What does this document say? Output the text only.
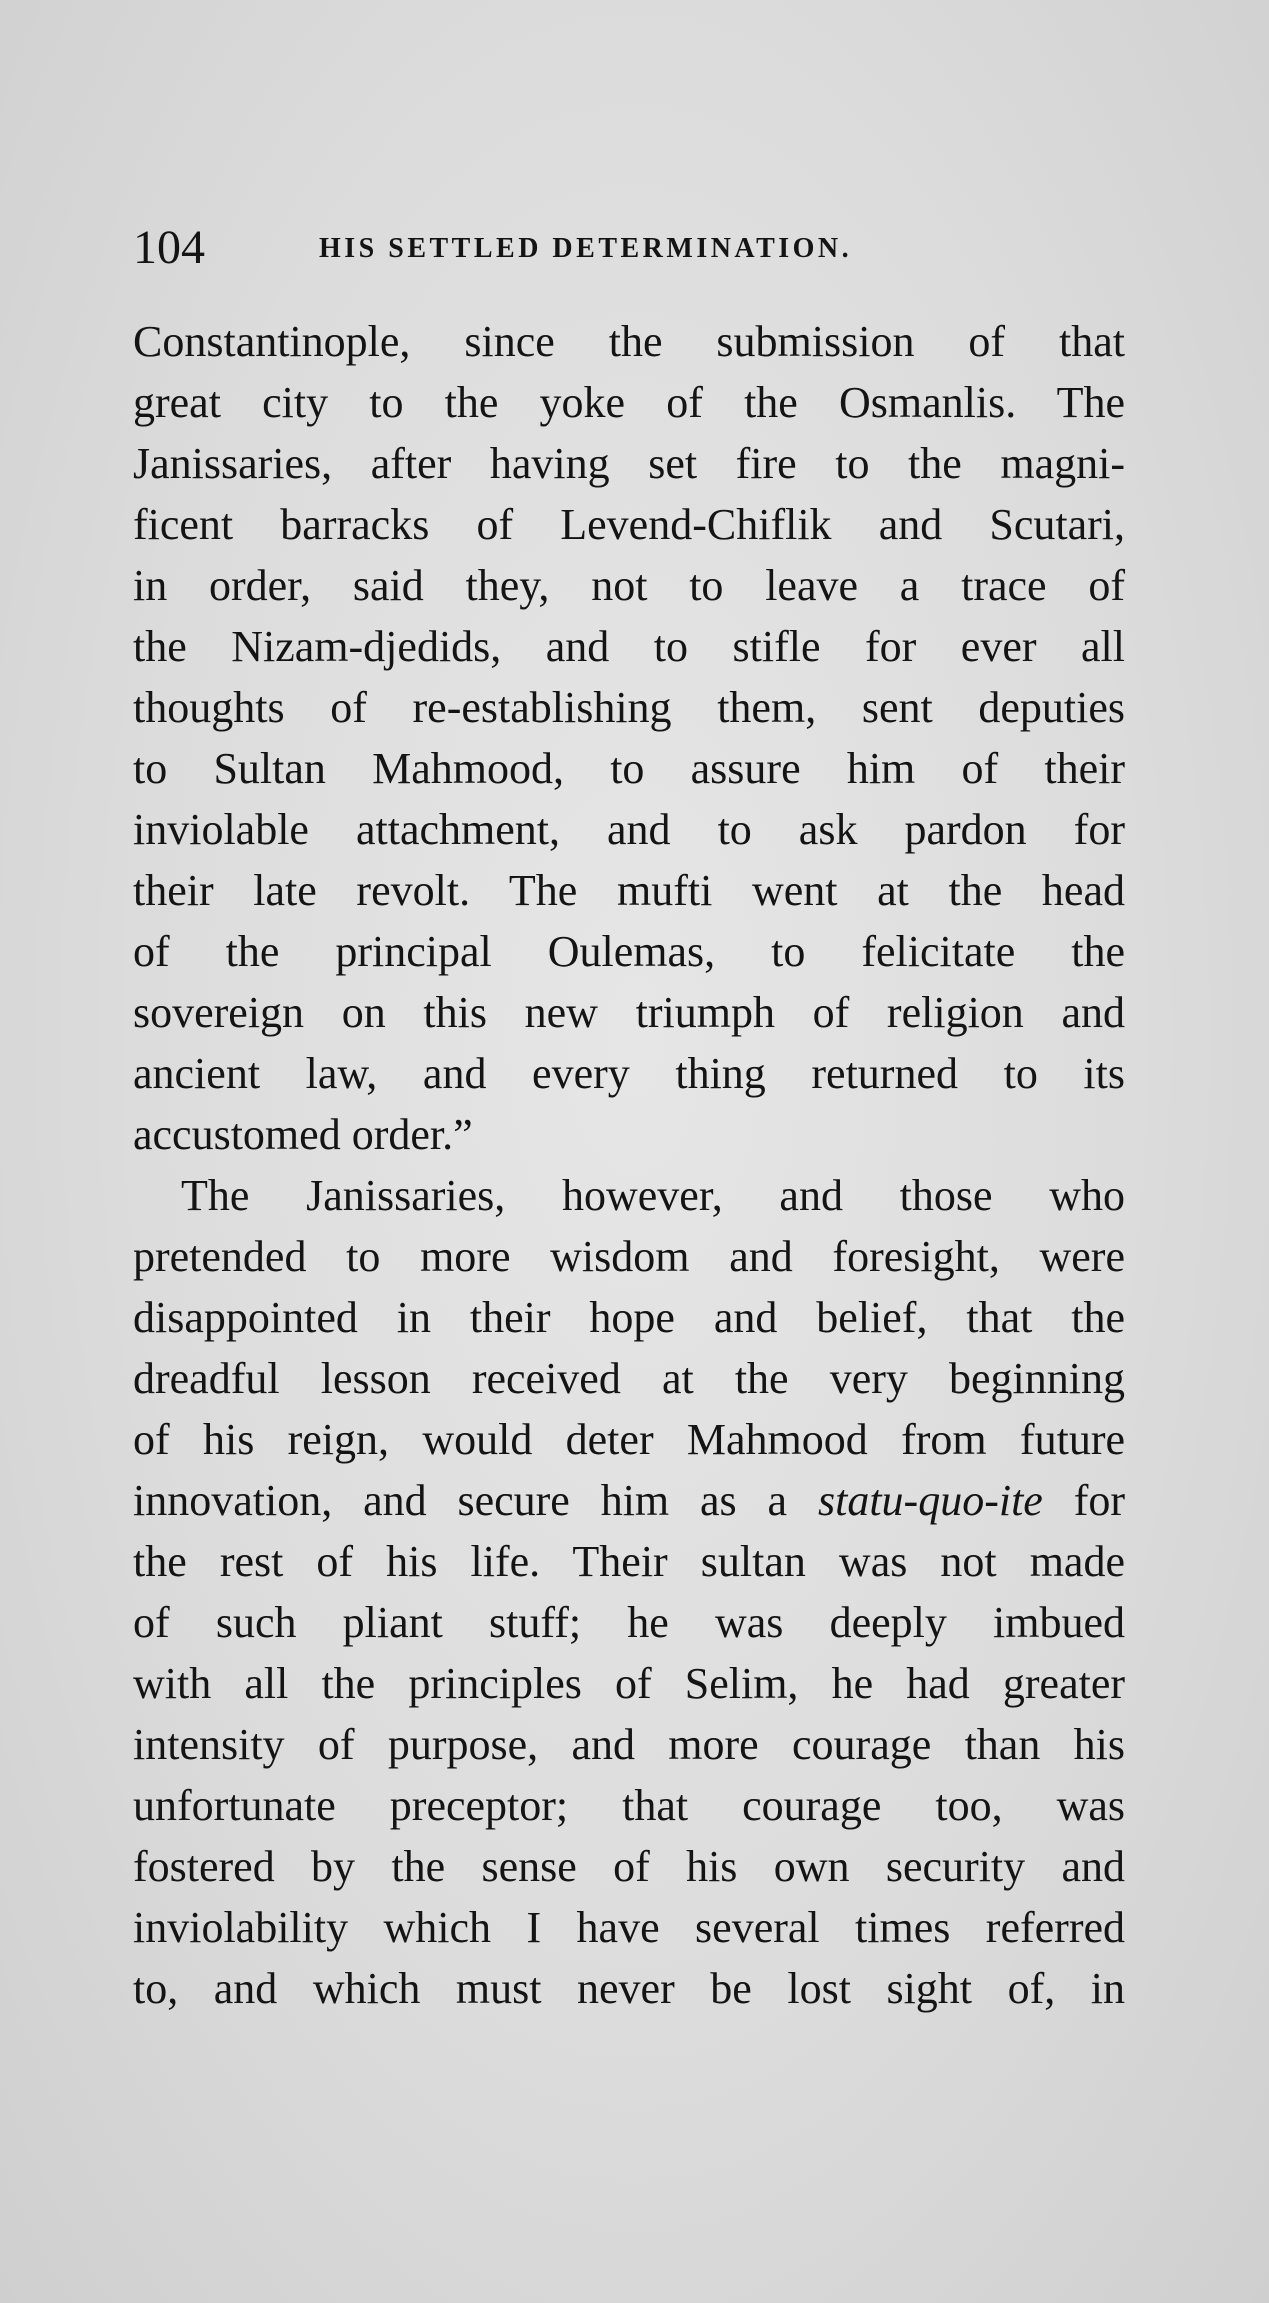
104	HIS SETTLED DETERMINATION.
Constantinople, since the submission of that
great city to the yoke of the Osmanlis. The
Janissaries, after having set fire to the magni-
ficent barracks of Levend-Chiflik and Scutari,
in order, said they, not to leave a trace of
the Nizam-djedids, and to stifle for ever all
thoughts of re-establishing them, sent deputies
to Sultan Mahmood, to assure him of their
inviolable attachment, and to ask pardon for
their late revolt. The mufti went at the head
of the principal Oulemas, to felicitate the
sovereign on this new triumph of religion and
ancient law, and every thing returned to its
accustomed order.”
The Janissaries, however, and those who
pretended to more wisdom and foresight, were
disappointed in their hope and belief, that the
dreadful lesson received at the very beginning
of his reign, would deter Mahmood from future
innovation, and secure him as a statu-quo-ite for
the rest of his life. Their sultan was not made
of such pliant stuff; he was deeply imbued
with all the principles of Selim, he had greater
intensity of purpose, and more courage than his
unfortunate preceptor; that courage too, was
fostered by the sense of his own security and
inviolability which I have several times referred
to, and which must never be lost sight of, in
